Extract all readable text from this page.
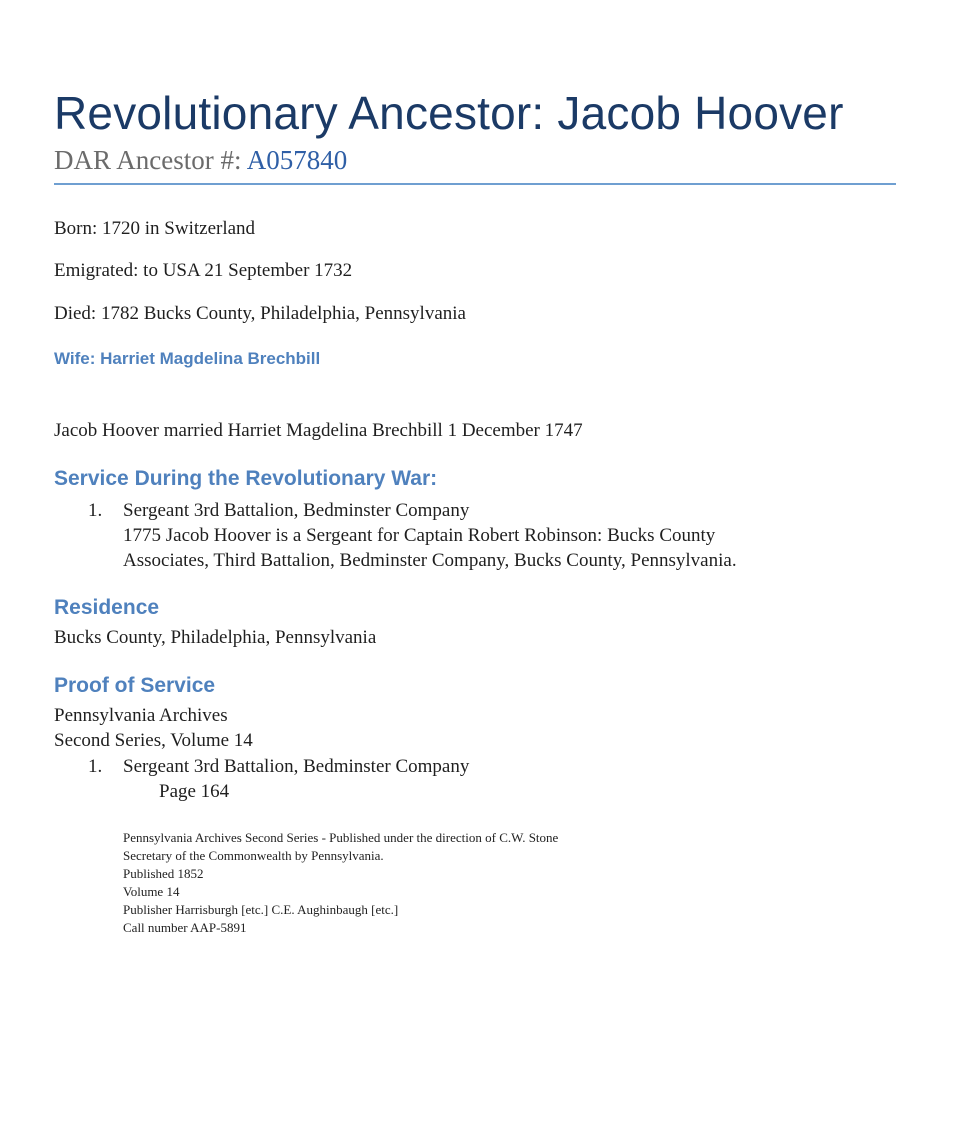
Revolutionary Ancestor: Jacob Hoover
DAR Ancestor #: A057840
Born: 1720 in Switzerland
Emigrated: to USA 21 September 1732
Died: 1782 Bucks County, Philadelphia, Pennsylvania
Wife: Harriet Magdelina Brechbill
Jacob Hoover married Harriet Magdelina Brechbill 1 December 1747
Service During the Revolutionary War:
1. Sergeant 3rd Battalion, Bedminster Company
1775 Jacob Hoover is a Sergeant for Captain Robert Robinson: Bucks County
Associates, Third Battalion, Bedminster Company, Bucks County, Pennsylvania.
Residence
Bucks County, Philadelphia, Pennsylvania
Proof of Service
Pennsylvania Archives
Second Series, Volume 14
1. Sergeant 3rd Battalion, Bedminster Company
Page 164
Pennsylvania Archives Second Series - Published under the direction of C.W. Stone
Secretary of the Commonwealth by Pennsylvania.
Published 1852
Volume 14
Publisher Harrisburgh [etc.] C.E. Aughinbaugh [etc.]
Call number AAP-5891
